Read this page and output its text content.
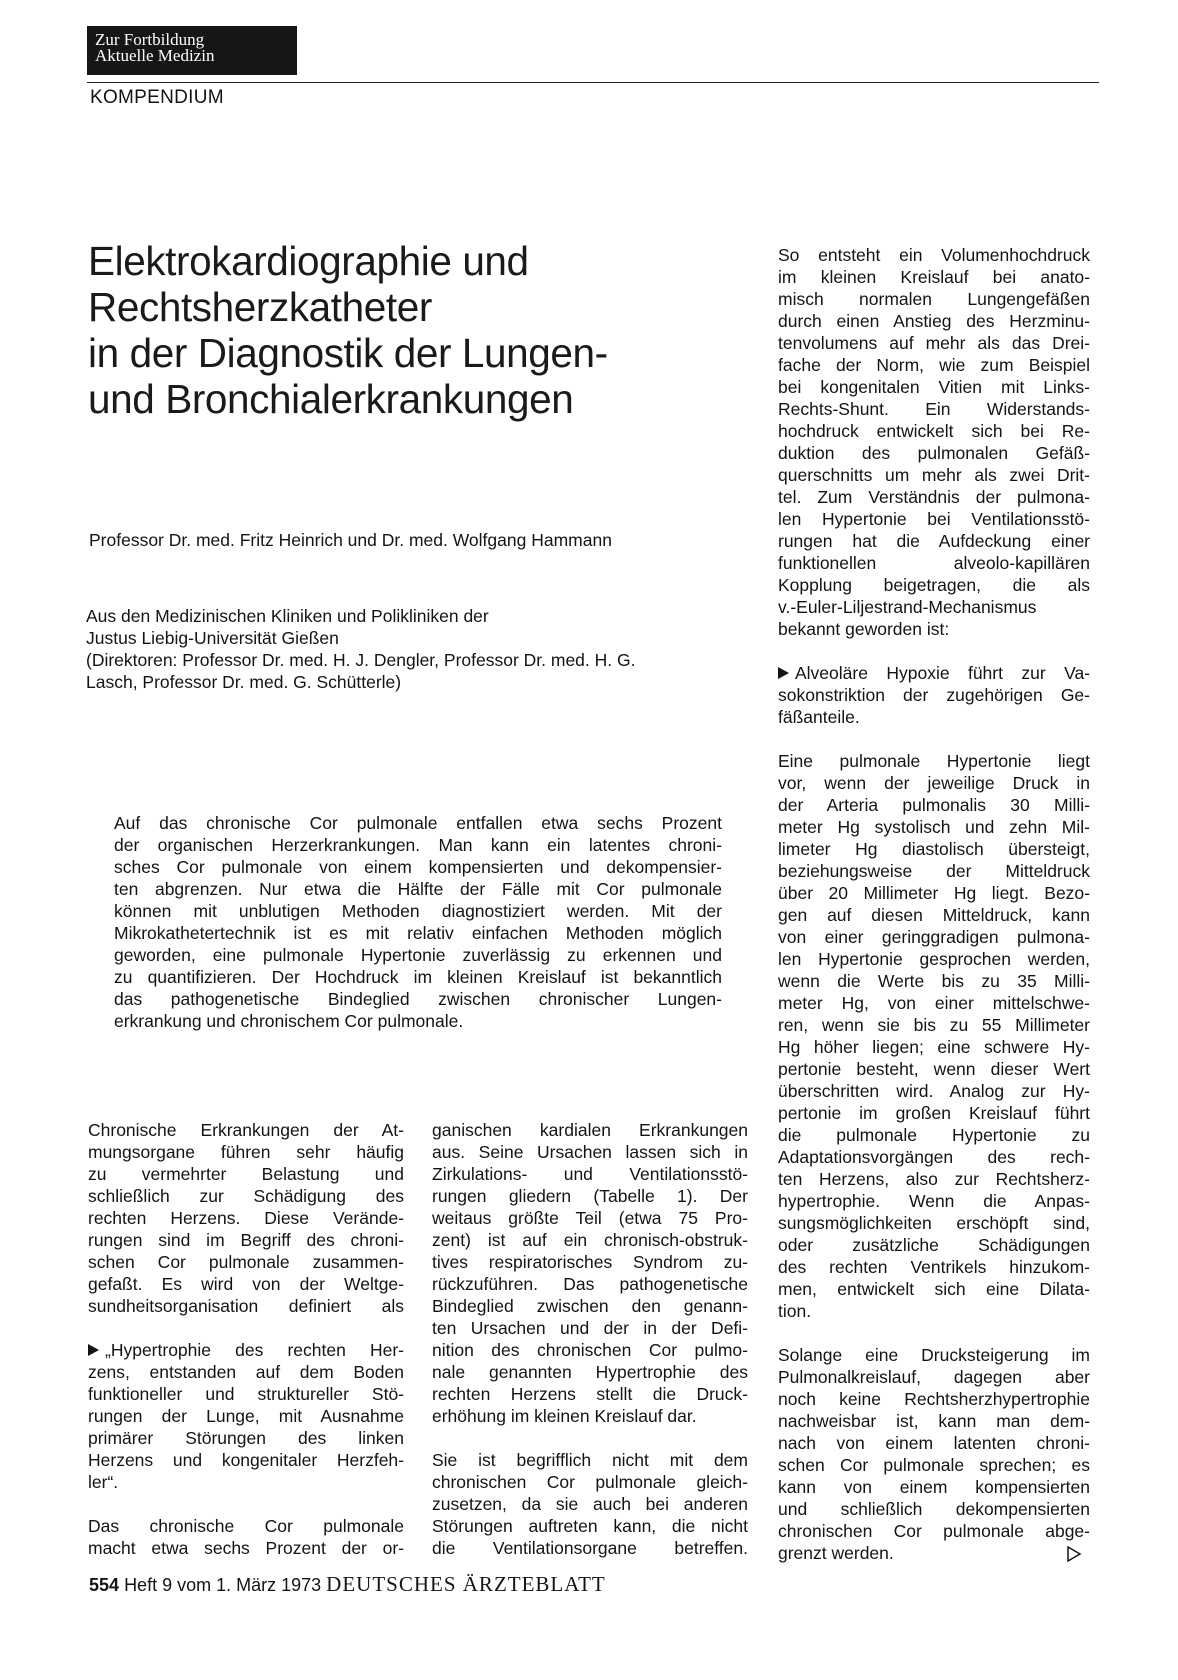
Zur Fortbildung
Aktuelle Medizin
KOMPENDIUM
Elektrokardiographie und
Rechtsherzkatheter
in der Diagnostik der Lungen-
und Bronchialerkrankungen
Professor Dr. med. Fritz Heinrich und Dr. med. Wolfgang Hammann
Aus den Medizinischen Kliniken und Polikliniken der
Justus Liebig-Universität Gießen
(Direktoren: Professor Dr. med. H. J. Dengler, Professor Dr. med. H. G.
Lasch, Professor Dr. med. G. Schütterle)
Auf das chronische Cor pulmonale entfallen etwa sechs Prozent
der organischen Herzerkrankungen. Man kann ein latentes chroni-
sches Cor pulmonale von einem kompensierten und dekompensier-
ten abgrenzen. Nur etwa die Hälfte der Fälle mit Cor pulmonale
können mit unblutigen Methoden diagnostiziert werden. Mit der
Mikrokathetertechnik ist es mit relativ einfachen Methoden möglich
geworden, eine pulmonale Hypertonie zuverlässig zu erkennen und
zu quantifizieren. Der Hochdruck im kleinen Kreislauf ist bekanntlich
das pathogenetische Bindeglied zwischen chronischer Lungen-
erkrankung und chronischem Cor pulmonale.
Chronische Erkrankungen der At-
mungsorgane führen sehr häufig
zu vermehrter Belastung und
schließlich zur Schädigung des
rechten Herzens. Diese Verände-
rungen sind im Begriff des chroni-
schen Cor pulmonale zusammen-
gefaßt. Es wird von der Weltge-
sundheitsorganisation definiert als
„Hypertrophie des rechten Her-
zens, entstanden auf dem Boden
funktioneller und struktureller Stö-
rungen der Lunge, mit Ausnahme
primärer Störungen des linken
Herzens und kongenitaler Herzfeh-
ler“.
Das chronische Cor pulmonale
macht etwa sechs Prozent der or-
ganischen kardialen Erkrankungen
aus. Seine Ursachen lassen sich in
Zirkulations- und Ventilationsstö-
rungen gliedern (Tabelle 1). Der
weitaus größte Teil (etwa 75 Pro-
zent) ist auf ein chronisch-obstruk-
tives respiratorisches Syndrom zu-
rückzuführen. Das pathogenetische
Bindeglied zwischen den genann-
ten Ursachen und der in der Defi-
nition des chronischen Cor pulmo-
nale genannten Hypertrophie des
rechten Herzens stellt die Druck-
erhöhung im kleinen Kreislauf dar.
Sie ist begrifflich nicht mit dem
chronischen Cor pulmonale gleich-
zusetzen, da sie auch bei anderen
Störungen auftreten kann, die nicht
die Ventilationsorgane betreffen.
So entsteht ein Volumenhochdruck
im kleinen Kreislauf bei anato-
misch normalen Lungengefäßen
durch einen Anstieg des Herzminu-
tenvolumens auf mehr als das Drei-
fache der Norm, wie zum Beispiel
bei kongenitalen Vitien mit Links-
Rechts-Shunt. Ein Widerstands-
hochdruck entwickelt sich bei Re-
duktion des pulmonalen Gefäß-
querschnitts um mehr als zwei Drit-
tel. Zum Verständnis der pulmona-
len Hypertonie bei Ventilationsstö-
rungen hat die Aufdeckung einer
funktionellen alveolo-kapillären
Kopplung beigetragen, die als
v.-Euler-Liljestrand-Mechanismus
bekannt geworden ist:
Alveoläre Hypoxie führt zur Va-
sokonstriktion der zugehörigen Ge-
fäßanteile.
Eine pulmonale Hypertonie liegt
vor, wenn der jeweilige Druck in
der Arteria pulmonalis 30 Milli-
meter Hg systolisch und zehn Mil-
limeter Hg diastolisch übersteigt,
beziehungsweise der Mitteldruck
über 20 Millimeter Hg liegt. Bezo-
gen auf diesen Mitteldruck, kann
von einer geringgradigen pulmona-
len Hypertonie gesprochen werden,
wenn die Werte bis zu 35 Milli-
meter Hg, von einer mittelschwe-
ren, wenn sie bis zu 55 Millimeter
Hg höher liegen; eine schwere Hy-
pertonie besteht, wenn dieser Wert
überschritten wird. Analog zur Hy-
pertonie im großen Kreislauf führt
die pulmonale Hypertonie zu
Adaptationsvorgängen des rech-
ten Herzens, also zur Rechtsherz-
hypertrophie. Wenn die Anpas-
sungsmöglichkeiten erschöpft sind,
oder zusätzliche Schädigungen
des rechten Ventrikels hinzukom-
men, entwickelt sich eine Dilata-
tion.
Solange eine Drucksteigerung im
Pulmonalkreislauf, dagegen aber
noch keine Rechtsherzhypertrophie
nachweisbar ist, kann man dem-
nach von einem latenten chroni-
schen Cor pulmonale sprechen; es
kann von einem kompensierten
und schließlich dekompensierten
chronischen Cor pulmonale abge-
grenzt werden.
554 Heft 9 vom 1. März 1973 DEUTSCHES ÄRZTEBLATT
